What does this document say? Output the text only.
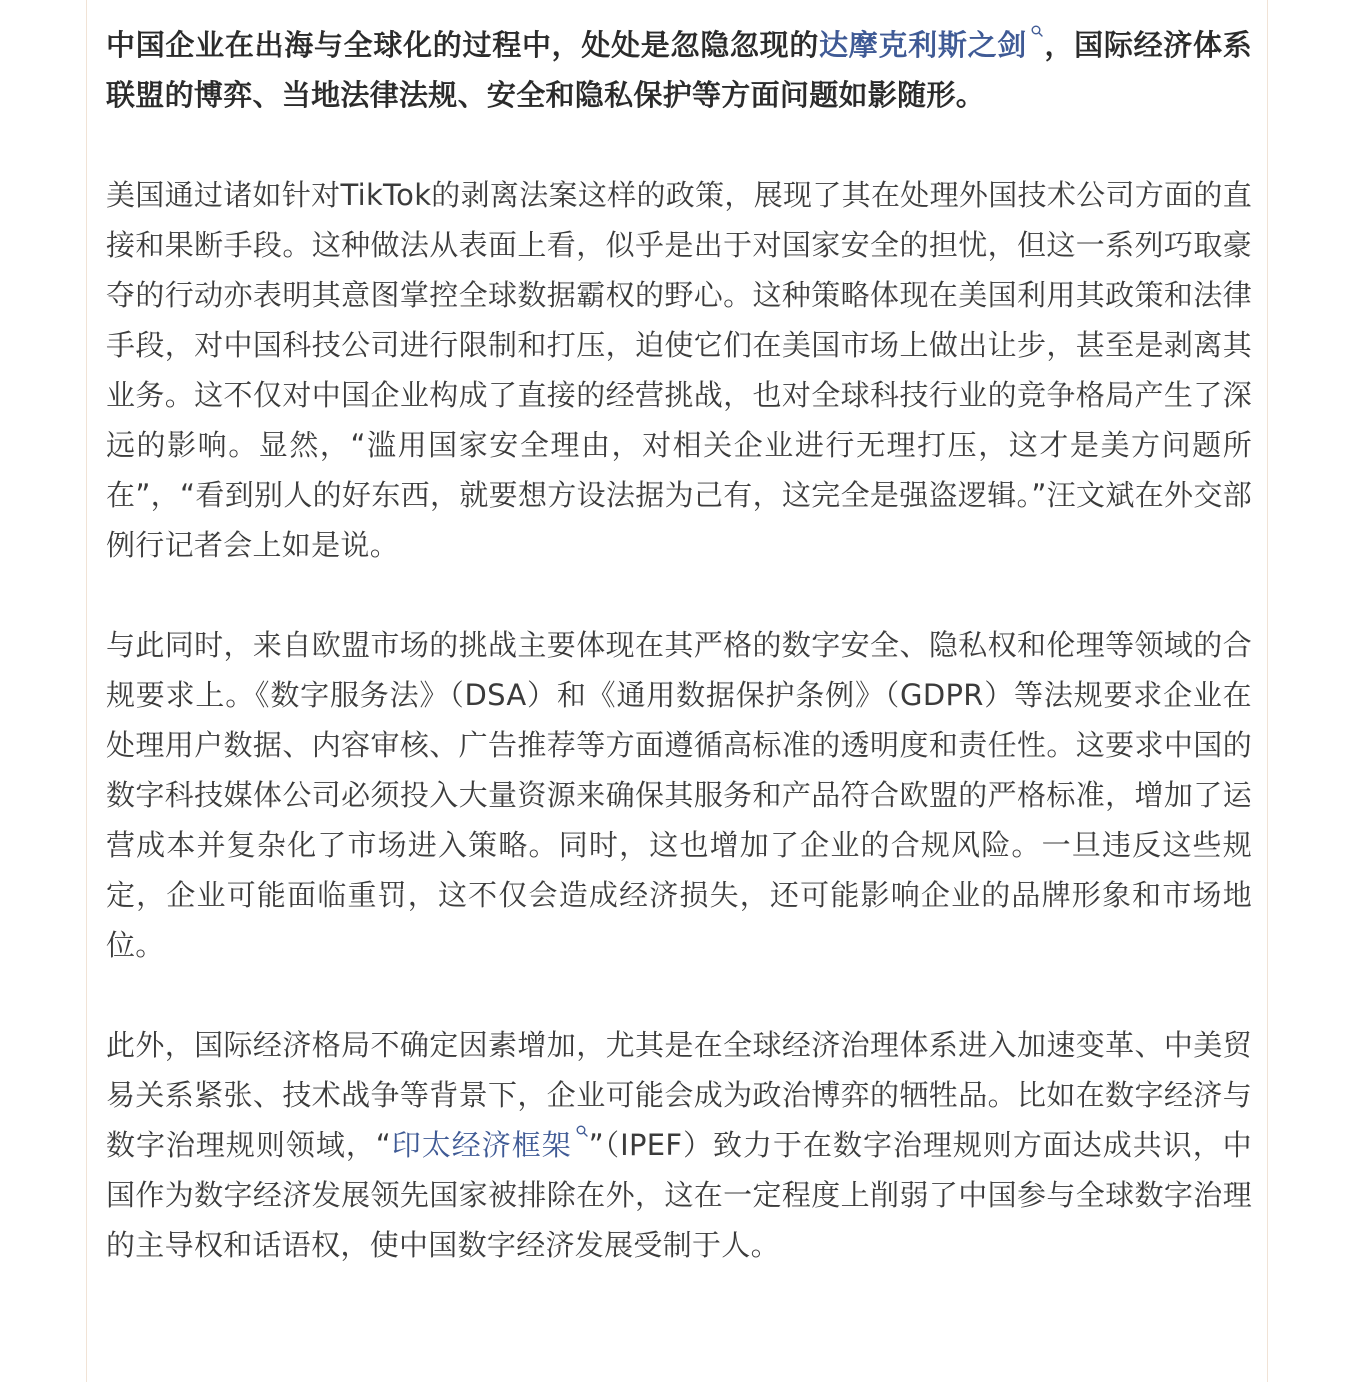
中国企业在出海与全球化的过程中，处处是忽隐忽现的达摩克利斯之剑 ，国际经济体系联盟的博弈、当地法律法规、安全和隐私保护等方面问题如影随形。

美国通过诸如针对TikTok的剥离法案这样的政策，展现了其在处理外国技术公司方面的直接和果断手段。这种做法从表面上看，似乎是出于对国家安全的担忧，但这一系列巧取豪夺的行动亦表明其意图掌控全球数据霸权的野心。这种策略体现在美国利用其政策和法律手段，对中国科技公司进行限制和打压，迫使它们在美国市场上做出让步，甚至是剥离其业务。这不仅对中国企业构成了直接的经营挑战，也对全球科技行业的竞争格局产生了深远的影响。显然，“滥用国家安全理由，对相关企业进行无理打压，这才是美方问题所在”，“看到别人的好东西，就要想方设法据为己有，这完全是强盗逻辑。”汪文斌在外交部例行记者会上如是说。

与此同时，来自欧盟市场的挑战主要体现在其严格的数字安全、隐私权和伦理等领域的合规要求上。《数字服务法》（DSA）和《通用数据保护条例》（GDPR）等法规要求企业在处理用户数据、内容审核、广告推荐等方面遵循高标准的透明度和责任性。这要求中国的数字科技媒体公司必须投入大量资源来确保其服务和产品符合欧盟的严格标准，增加了运营成本并复杂化了市场进入策略。同时，这也增加了企业的合规风险。一旦违反这些规定，企业可能面临重罚，这不仅会造成经济损失，还可能影响企业的品牌形象和市场地位。

此外，国际经济格局不确定因素增加，尤其是在全球经济治理体系进入加速变革、中美贸易关系紧张、技术战争等背景下，企业可能会成为政治博弈的牺牲品。比如在数字经济与数字治理规则领域，“印太经济框架 ”（IPEF）致力于在数字治理规则方面达成共识，中国作为数字经济发展领先国家被排除在外，这在一定程度上削弱了中国参与全球数字治理的主导权和话语权，使中国数字经济发展受制于人。
